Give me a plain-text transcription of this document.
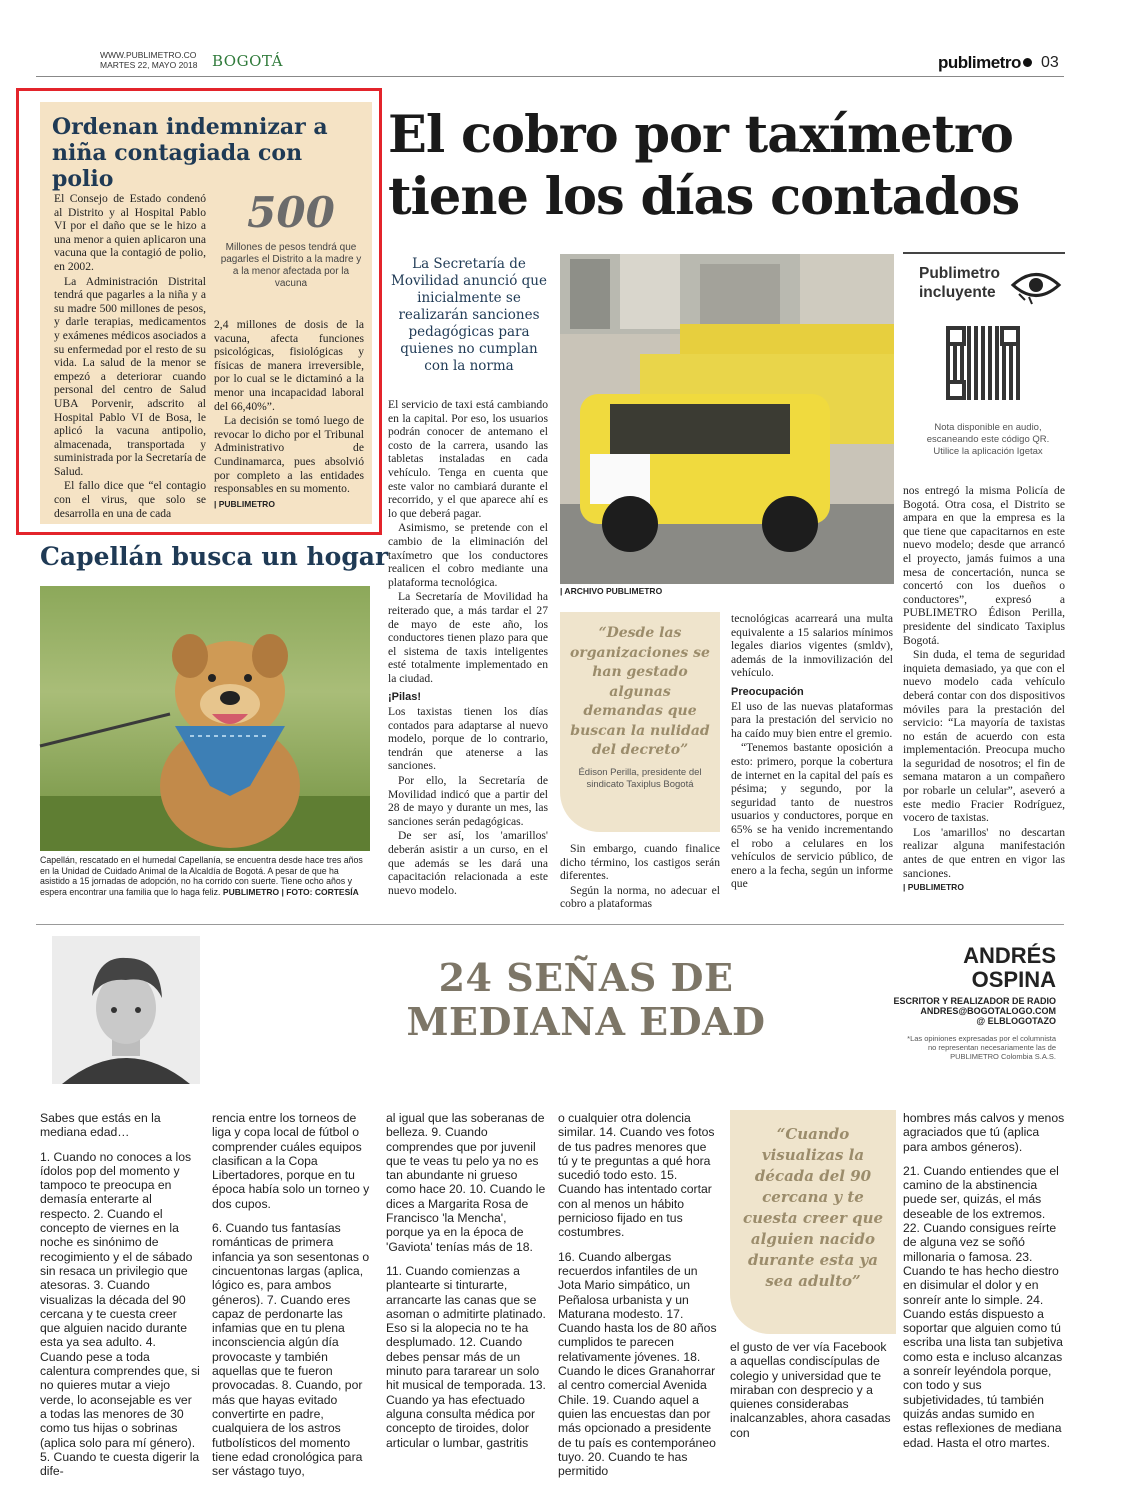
WWW.PUBLIMETRO.CO
MARTES 22, MAYO 2018 BOGOTÁ	publimetro	03
Ordenan indemnizar a niña contagiada con polio

El Consejo de Estado condenó al Distrito y al Hospital Pablo VI por el daño que se le hizo a una menor a quien aplicaron una vacuna que la contagió de polio, en 2002.

La Administración Distrital tendrá que pagarles a la niña y a su madre 500 millones de pesos, y darle terapias, medicamentos y exámenes médicos asociados a su enfermedad por el resto de su vida. La salud de la menor se empezó a deteriorar cuando personal del centro de Salud UBA Porvenir, adscrito al Hospital Pablo VI de Bosa, le aplicó la vacuna antipolio, almacenada, transportada y suministrada por la Secretaría de Salud.

El fallo dice que “el contagio con el virus, que solo se desarrolla en una de cada

500
Millones de pesos tendrá que pagarles el Distrito a la madre y a la menor afectada por la vacuna

2,4 millones de dosis de la vacuna, afecta funciones psicológicas, fisiológicas y físicas de manera irreversible, por lo cual se le dictaminó a la menor una incapacidad laboral del 66,40%”.

La decisión se tomó luego de revocar lo dicho por el Tribunal Administrativo de Cundinamarca, pues absolvió por completo a las entidades responsables en su momento.

| PUBLIMETRO
Capellán busca un hogar
Capellán, rescatado en el humedal Capellanía, se encuentra desde hace tres años en la Unidad de Cuidado Animal de la Alcaldía de Bogotá. A pesar de que ha asistido a 15 jornadas de adopción, no ha corrido con suerte. Tiene ocho años y espera encontrar una familia que lo haga feliz. PUBLIMETRO | FOTO: CORTESÍA
El cobro por taxímetro tiene los días contados
La Secretaría de Movilidad anunció que inicialmente se realizarán sanciones pedagógicas para quienes no cumplan con la norma
| ARCHIVO PUBLIMETRO

El servicio de taxi está cambiando en la capital. Por eso, los usuarios podrán conocer de antemano el costo de la carrera, usando las tabletas instaladas en cada vehículo. Tenga en cuenta que este valor no cambiará durante el recorrido, y el que aparece ahí es lo que deberá pagar.

Asimismo, se pretende con el cambio de la eliminación del taxímetro que los conductores realicen el cobro mediante una plataforma tecnológica.

La Secretaría de Movilidad ha reiterado que, a más tardar el 27 de mayo de este año, los conductores tienen plazo para que el sistema de taxis inteligentes esté totalmente implementado en la ciudad.

¡Pilas!

Los taxistas tienen los días contados para adaptarse al nuevo modelo, porque de lo contrario, tendrán que atenerse a las sanciones.

Por ello, la Secretaría de Movilidad indicó que a partir del 28 de mayo y durante un mes, las sanciones serán pedagógicas.

De ser así, los 'amarillos' deberán asistir a un curso, en el que además se les dará una capacitación relacionada a este nuevo modelo.

“Desde las organizaciones se han gestado algunas demandas que buscan la nulidad del decreto”
Édison Perilla, presidente del sindicato Taxiplus Bogotá

Sin embargo, cuando finalice dicho término, los castigos serán diferentes.

Según la norma, no adecuar el cobro a plataformas

tecnológicas acarreará una multa equivalente a 15 salarios mínimos legales diarios vigentes (smldv), además de la inmovilización del vehículo.

Preocupación

El uso de las nuevas plataformas para la prestación del servicio no ha caído muy bien entre el gremio.

“Tenemos bastante oposición a esto: primero, porque la cobertura de internet en la capital del país es pésima; y segundo, por la seguridad tanto de nuestros usuarios y conductores, porque en 65% se ha venido incrementando el robo a celulares en los vehículos de servicio público, de enero a la fecha, según un informe que

nos entregó la misma Policía de Bogotá. Otra cosa, el Distrito se ampara en que la empresa es la que tiene que capacitarnos en este nuevo modelo; desde que arrancó el proyecto, jamás fuimos a una mesa de concertación, nunca se concertó con los dueños o conductores”, expresó a PUBLIMETRO Édison Perilla, presidente del sindicato Taxiplus Bogotá.

Sin duda, el tema de seguridad inquieta demasiado, ya que con el nuevo modelo cada vehículo deberá contar con dos dispositivos móviles para la prestación del servicio: “La mayoría de taxistas no están de acuerdo con esta implementación. Preocupa mucho la seguridad de nosotros; el fin de semana mataron a un compañero por robarle un celular”, aseveró a este medio Fracier Rodríguez, vocero de taxistas.

Los 'amarillos' no descartan realizar alguna manifestación antes de que entren en vigor las sanciones.

| PUBLIMETRO
Publimetro incluyente
Nota disponible en audio, escaneando este código QR. Utilice la aplicación Igetax
24 SEÑAS DE MEDIANA EDAD
ANDRÉS
OSPINA
ESCRITOR Y REALIZADOR DE RADIO
ANDRES@BOGOTALOGO.COM
@ ELBLOGOTAZO
*Las opiniones expresadas por el columnista no representan necesariamente las de PUBLIMETRO Colombia S.A.S.

Sabes que estás en la mediana edad…

1. Cuando no conoces a los ídolos pop del momento y tampoco te preocupa en demasía enterarte al respecto. 2. Cuando el concepto de viernes en la noche es sinónimo de recogimiento y el de sábado sin resaca un privilegio que atesoras. 3. Cuando visualizas la década del 90 cercana y te cuesta creer que alguien nacido durante esta ya sea adulto. 4. Cuando pese a toda calentura comprendes que, si no quieres mutar a viejo verde, lo aconsejable es ver a todas las menores de 30 como tus hijas o sobrinas (aplica solo para mí género). 5. Cuando te cuesta digerir la dife-

rencia entre los torneos de liga y copa local de fútbol o comprender cuáles equipos clasifican a la Copa Libertadores, porque en tu época había solo un torneo y dos cupos.

6. Cuando tus fantasías románticas de primera infancia ya son sesentonas o cincuentonas largas (aplica, lógico es, para ambos géneros). 7. Cuando eres capaz de perdonarte las infamias que en tu plena inconsciencia algún día provocaste y también aquellas que te fueron provocadas. 8. Cuando, por más que hayas evitado convertirte en padre, cualquiera de los astros futbolísticos del momento tiene edad cronológica para ser vástago tuyo,

al igual que las soberanas de belleza. 9. Cuando comprendes que por juvenil que te veas tu pelo ya no es tan abundante ni grueso como hace 20. 10. Cuando le dices a Margarita Rosa de Francisco 'la Mencha', porque ya en la época de 'Gaviota' tenías más de 18.

11. Cuando comienzas a plantearte si tinturarte, arrancarte las canas que se asoman o admitirte platinado. Eso si la alopecia no te ha desplumado. 12. Cuando debes pensar más de un minuto para tararear un solo hit musical de temporada. 13. Cuando ya has efectuado alguna consulta médica por concepto de tiroides, dolor articular o lumbar, gastritis

o cualquier otra dolencia similar. 14. Cuando ves fotos de tus padres menores que tú y te preguntas a qué hora sucedió todo esto. 15. Cuando has intentado cortar con al menos un hábito pernicioso fijado en tus costumbres.

16. Cuando albergas recuerdos infantiles de un Jota Mario simpático, un Peñalosa urbanista y un Maturana modesto. 17. Cuando hasta los de 80 años cumplidos te parecen relativamente jóvenes. 18. Cuando le dices Granahorrar al centro comercial Avenida Chile. 19. Cuando aquel a quien las encuestas dan por más opcionado a presidente de tu país es contemporáneo tuyo. 20. Cuando te has permitido

“Cuando visualizas la década del 90 cercana y te cuesta creer que alguien nacido durante esta ya sea adulto”

el gusto de ver vía Facebook a aquellas condiscípulas de colegio y universidad que te miraban con desprecio y a quienes considerabas inalcanzables, ahora casadas con

hombres más calvos y menos agraciados que tú (aplica para ambos géneros).

21. Cuando entiendes que el camino de la abstinencia puede ser, quizás, el más deseable de los extremos. 22. Cuando consigues reírte de alguna vez se soñó millonaria o famosa. 23. Cuando te has hecho diestro en disimular el dolor y en sonreír ante lo simple. 24. Cuando estás dispuesto a soportar que alguien como tú escriba una lista tan subjetiva como esta e incluso alcanzas a sonreír leyéndola porque, con todo y sus subjetividades, tú también quizás andas sumido en estas reflexiones de mediana edad. Hasta el otro martes.
